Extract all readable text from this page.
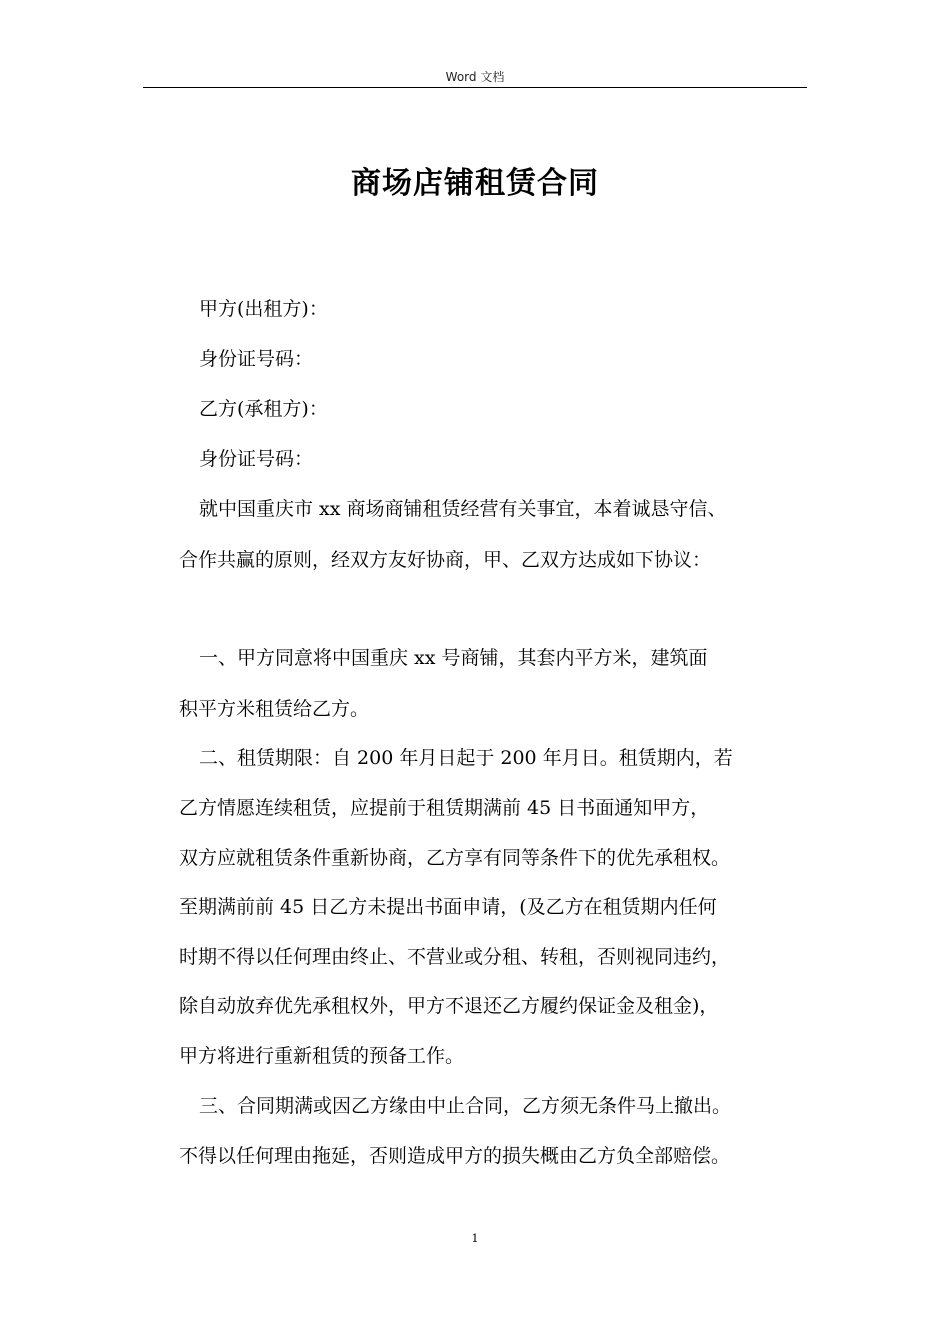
Word 文档
商场店铺租赁合同
甲方(出租方)：
身份证号码：
乙方(承租方)：
身份证号码：
就中国重庆市 xx 商场商铺租赁经营有关事宜，本着诚恳守信、
合作共赢的原则，经双方友好协商，甲、乙双方达成如下协议：
一、甲方同意将中国重庆 xx 号商铺，其套内平方米，建筑面
积平方米租赁给乙方。
二、租赁期限：自 200 年月日起于 200 年月日。租赁期内，若
乙方情愿连续租赁，应提前于租赁期满前 45 日书面通知甲方，
双方应就租赁条件重新协商，乙方享有同等条件下的优先承租权。
至期满前前 45 日乙方未提出书面申请，(及乙方在租赁期内任何
时期不得以任何理由终止、不营业或分租、转租，否则视同违约，
除自动放弃优先承租权外，甲方不退还乙方履约保证金及租金)，
甲方将进行重新租赁的预备工作。
三、合同期满或因乙方缘由中止合同，乙方须无条件马上撤出。
不得以任何理由拖延，否则造成甲方的损失概由乙方负全部赔偿。
1
